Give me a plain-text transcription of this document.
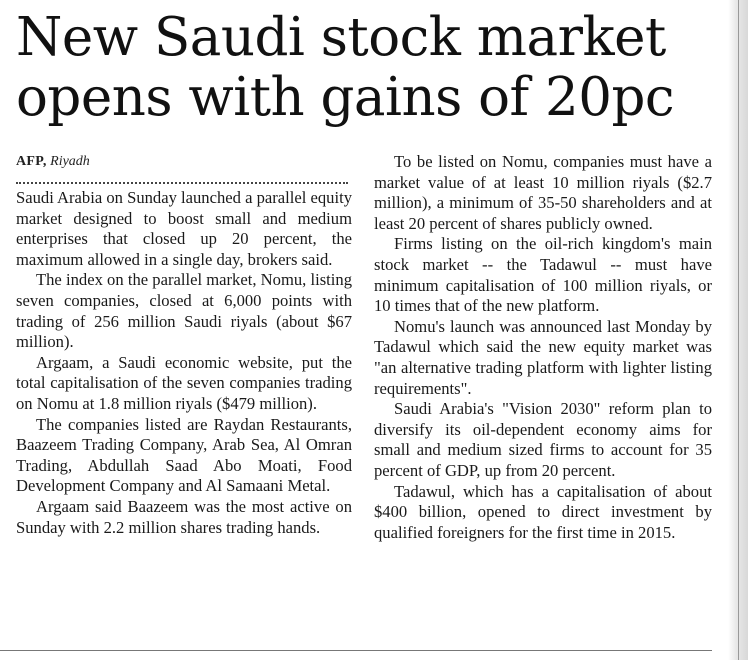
New Saudi stock market
opens with gains of 20pc
AFP, Riyadh

Saudi Arabia on Sunday launched a parallel equity market designed to boost small and medium enterprises that closed up 20 percent, the maximum allowed in a single day, brokers said.

The index on the parallel market, Nomu, listing seven companies, closed at 6,000 points with trading of 256 million Saudi riyals (about $67 million).

Argaam, a Saudi economic website, put the total capitalisation of the seven companies trading on Nomu at 1.8 million riyals ($479 million).

The companies listed are Raydan Restaurants, Baazeem Trading Company, Arab Sea, Al Omran Trading, Abdullah Saad Abo Moati, Food Development Company and Al Samaani Metal.

Argaam said Baazeem was the most active on Sunday with 2.2 million shares trading hands.

To be listed on Nomu, companies must have a market value of at least 10 million riyals ($2.7 million), a minimum of 35-50 shareholders and at least 20 percent of shares publicly owned.

Firms listing on the oil-rich kingdom's main stock market -- the Tadawul -- must have minimum capitalisation of 100 million riyals, or 10 times that of the new platform.

Nomu's launch was announced last Monday by Tadawul which said the new equity market was "an alternative trading platform with lighter listing requirements".

Saudi Arabia's "Vision 2030" reform plan to diversify its oil-dependent economy aims for small and medium sized firms to account for 35 percent of GDP, up from 20 percent.

Tadawul, which has a capitalisation of about $400 billion, opened to direct investment by qualified foreigners for the first time in 2015.
